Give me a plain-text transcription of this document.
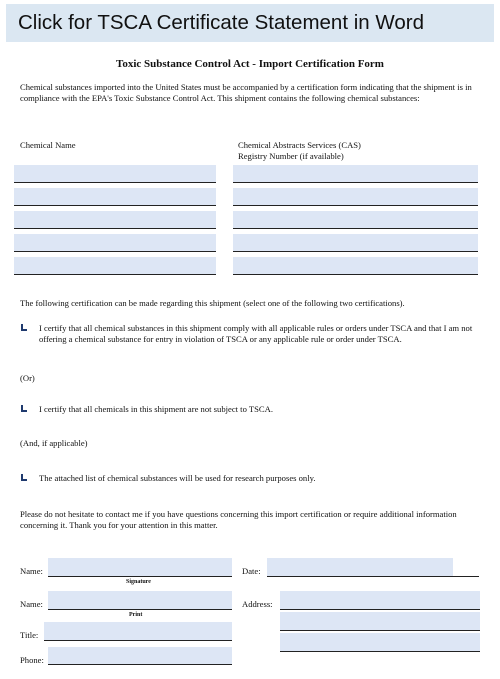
Click for TSCA Certificate Statement in Word
Toxic Substance Control Act - Import Certification Form
Chemical substances imported into the United States must be accompanied by a certification form indicating that the shipment is in compliance with the EPA's Toxic Substance Control Act. This shipment contains the following chemical substances:
Chemical Name	Chemical Abstracts Services (CAS)
Registry Number (if available)
The following certification can be made regarding this shipment (select one of the following two certifications).
I certify that all chemical substances in this shipment comply with all applicable rules or orders under TSCA and that I am not offering a chemical substance for entry in violation of TSCA or any applicable rule or order under TSCA.
(Or)
I certify that all chemicals in this shipment are not subject to TSCA.
(And, if applicable)
The attached list of chemical substances will be used for research purposes only.
Please do not hesitate to contact me if you have questions concerning this import certification or require additional information concerning it. Thank you for your attention in this matter.
Name:
Signature
Name:
Print
Title:
Phone:
Date:
Address:
